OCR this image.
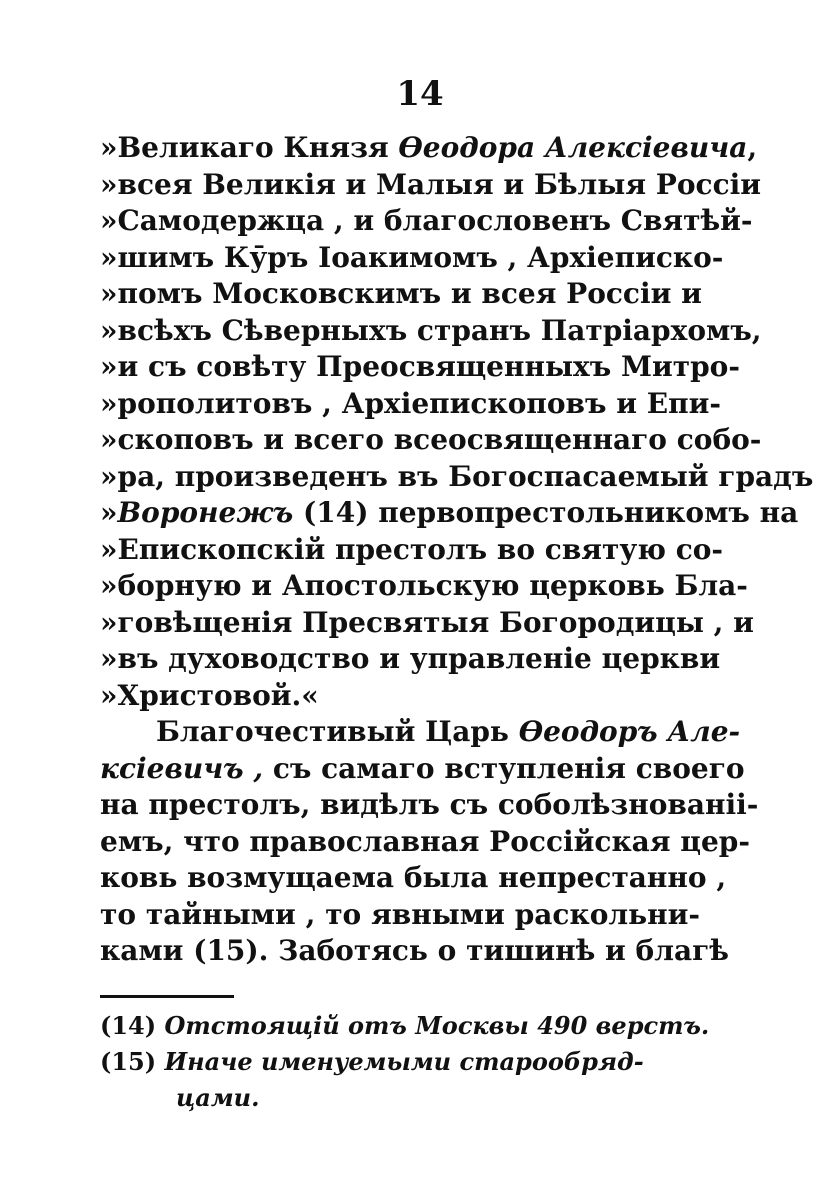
14
»Великаго Князя Ѳеодора Алексіевича,
»всея Великія и Малыя и Бѣлыя Россіи
»Самодержца , и благословенъ Святѣй-
»шимъ Кӯръ Іоакимомъ , Архіеписко-
»помъ Московскимъ и всея Россіи и
»всѣхъ Сѣверныхъ странъ Патріархомъ,
»и съ совѣту Преосвященныхъ Митро-
»рополитовъ , Архіепископовъ и Епи-
»скоповъ и всего всеосвященнаго собо-
»ра, произведенъ въ Богоспасаемый градъ
»Воронежъ (14) первопрестольникомъ на
»Епископскій престолъ во святую со-
»борную и Апостольскую церковь Бла-
»говѣщенія Пресвятыя Богородицы , и
»въ духоводство и управленіе церкви
»Христовой.«
Благочестивый Царь Ѳеодоръ Але-
ксіевичъ , съ самаго вступленія своего
на престолъ, видѣлъ съ соболѣзнованіі-
емъ, что православная Россійская цер-
ковь возмущаема была непрестанно ,
то тайными , то явными раскольни-
ками (15). Заботясь о тишинѣ и благѣ
(14) Отстоящій отъ Москвы 490 верстъ.
(15) Иначе именуемыми старообряд-
цами.
